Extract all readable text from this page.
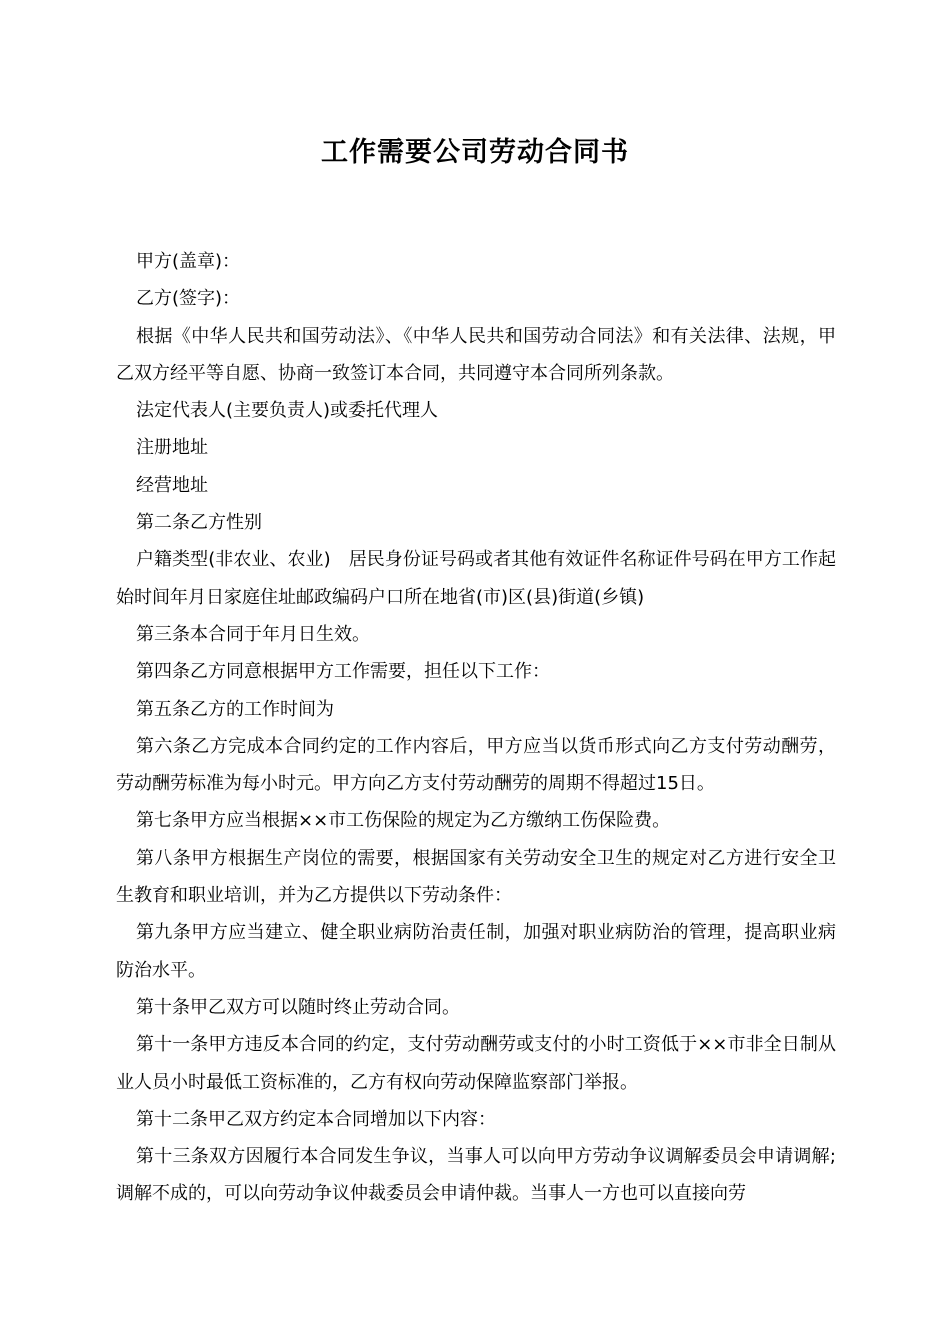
工作需要公司劳动合同书

甲方(盖章)：

乙方(签字)：

根据《中华人民共和国劳动法》、《中华人民共和国劳动合同法》和有关法律、法规，甲乙双方经平等自愿、协商一致签订本合同，共同遵守本合同所列条款。

法定代表人(主要负责人)或委托代理人

注册地址

经营地址

第二条乙方性别

户籍类型(非农业、农业)　居民身份证号码或者其他有效证件名称证件号码在甲方工作起始时间年月日家庭住址邮政编码户口所在地省(市)区(县)街道(乡镇)

第三条本合同于年月日生效。

第四条乙方同意根据甲方工作需要，担任以下工作：

第五条乙方的工作时间为

第六条乙方完成本合同约定的工作内容后，甲方应当以货币形式向乙方支付劳动酬劳，劳动酬劳标准为每小时元。甲方向乙方支付劳动酬劳的周期不得超过15日。

第七条甲方应当根据××市工伤保险的规定为乙方缴纳工伤保险费。

第八条甲方根据生产岗位的需要，根据国家有关劳动安全卫生的规定对乙方进行安全卫生教育和职业培训，并为乙方提供以下劳动条件：

第九条甲方应当建立、健全职业病防治责任制，加强对职业病防治的管理，提高职业病防治水平。

第十条甲乙双方可以随时终止劳动合同。

第十一条甲方违反本合同的约定，支付劳动酬劳或支付的小时工资低于××市非全日制从业人员小时最低工资标准的，乙方有权向劳动保障监察部门举报。

第十二条甲乙双方约定本合同增加以下内容：

第十三条双方因履行本合同发生争议，当事人可以向甲方劳动争议调解委员会申请调解;调解不成的，可以向劳动争议仲裁委员会申请仲裁。当事人一方也可以直接向劳
